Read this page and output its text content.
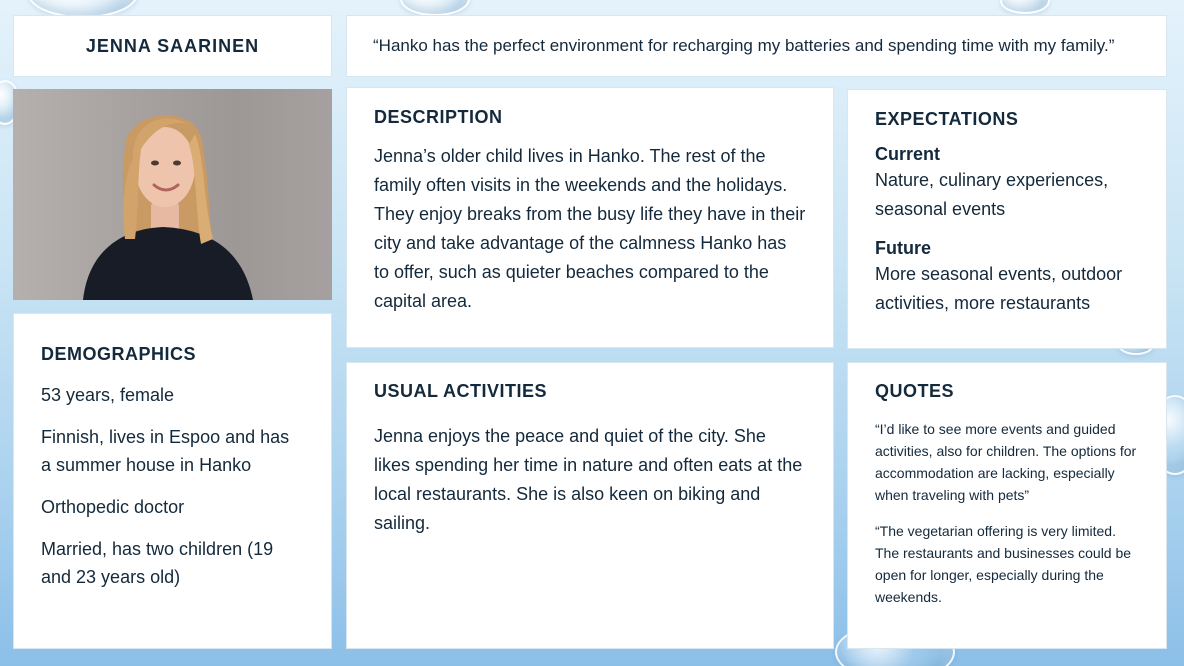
JENNA SAARINEN	“Hanko has the perfect environment for recharging my batteries and spending time with my family.”

DEMOGRAPHICS
53 years, female
Finnish, lives in Espoo and has a summer house in Hanko
Orthopedic doctor
Married, has two children (19 and 23 years old)
DESCRIPTION

Jenna’s older child lives in Hanko. The rest of the family often visits in the weekends and the holidays. They enjoy breaks from the busy life they have in their city and take advantage of the calmness Hanko has to offer, such as quieter beaches compared to the capital area.

EXPECTATIONS
Current

Nature, culinary experiences, seasonal events

Future

More seasonal events, outdoor activities, more restaurants

USUAL ACTIVITIES

Jenna enjoys the peace and quiet of the city. She likes spending her time in nature and often eats at the local restaurants. She is also keen on biking and sailing.

QUOTES

“I’d like to see more events and guided activities, also for children. The options for accommodation are lacking, especially when traveling with pets”

“The vegetarian offering is very limited. The restaurants and businesses could be open for longer, especially during the weekends.
